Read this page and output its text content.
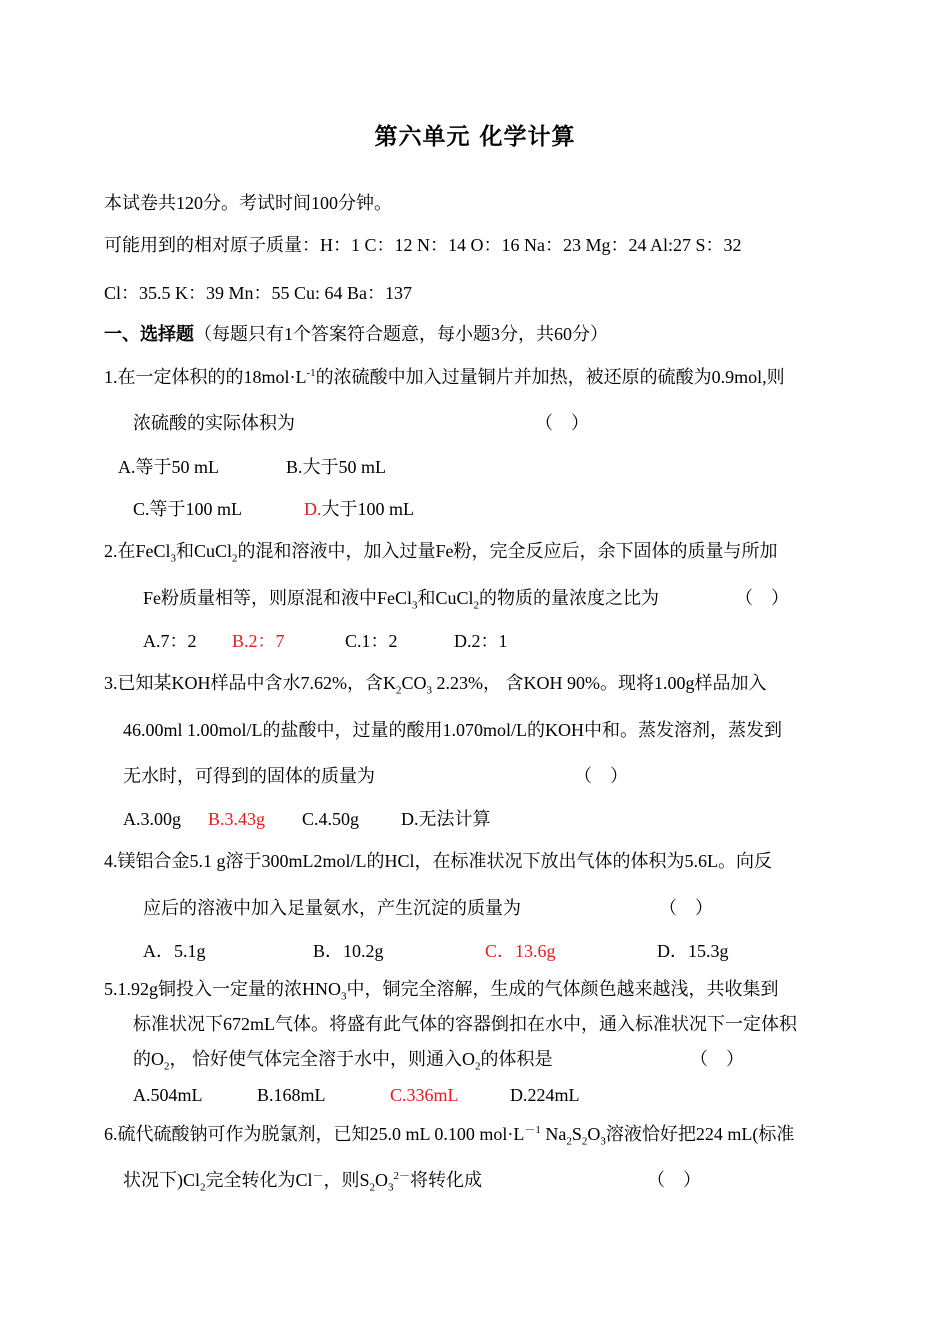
第六单元 化学计算
本试卷共120分。考试时间100分钟。
可能用到的相对原子质量：H：1 C：12 N：14 O：16 Na：23 Mg：24 Al:27 S：32
Cl：35.5 K：39 Mn：55 Cu: 64 Ba：137
一、选择题（每题只有1个答案符合题意，每小题3分，共60分）
1.在一定体积的的$18mol\cdot L^{-1}$的浓硫酸中加入过量铜片并加热，被还原的硫酸为0.9mol,则
浓硫酸的实际体积为	（　）
A.等于50 mL	B.大于50 mL
C.等于100 mL	D.大于100 mL
2.在FeCl$_3$和CuCl$_2$的混和溶液中，加入过量Fe粉，完全反应后，余下固体的质量与所加
Fe粉质量相等，则原混和液中FeCl$_3$和CuCl$_2$的物质的量浓度之比为	（　）
A.7：2 B.2：7	C.1：2	D.2：1
3.已知某KOH样品中含水7.62%，含$K_2CO_3$ 2.23%， 含KOH 90%。现将1.00g样品加入
46.00ml 1.00mol/L的盐酸中，过量的酸用1.070mol/L的KOH中和。蒸发溶剂，蒸发到
无水时，可得到的固体的质量为	（　）
A.3.00g B.3.43g C.4.50g D.无法计算
4.镁铝合金5.1 g溶于300mL2mol/L的HCl，在标准状况下放出气体的体积为5.6L。向反
应后的溶液中加入足量氨水，产生沉淀的质量为	（　）
A．5.1g	B．10.2g	C．13.6g	D．15.3g
5.1.92g铜投入一定量的浓$HNO_3$中，铜完全溶解，生成的气体颜色越来越浅，共收集到
标准状况下672mL气体。将盛有此气体的容器倒扣在水中，通入标准状况下一定体积
的$O_2$， 恰好使气体完全溶于水中，则通入$O_2$的体积是	（　）
A.504mL	B.168mL	C.336mL	D.224mL
6.硫代硫酸钠可作为脱氯剂，已知25.0 mL 0.100 $mol\cdot L^{-1}$ $Na_2S_2O_3$溶液恰好把224 mL(标准
状况下)$Cl_2$完全转化为Cl－，则$S_2O_3^{2-}$将转化成	（　）
